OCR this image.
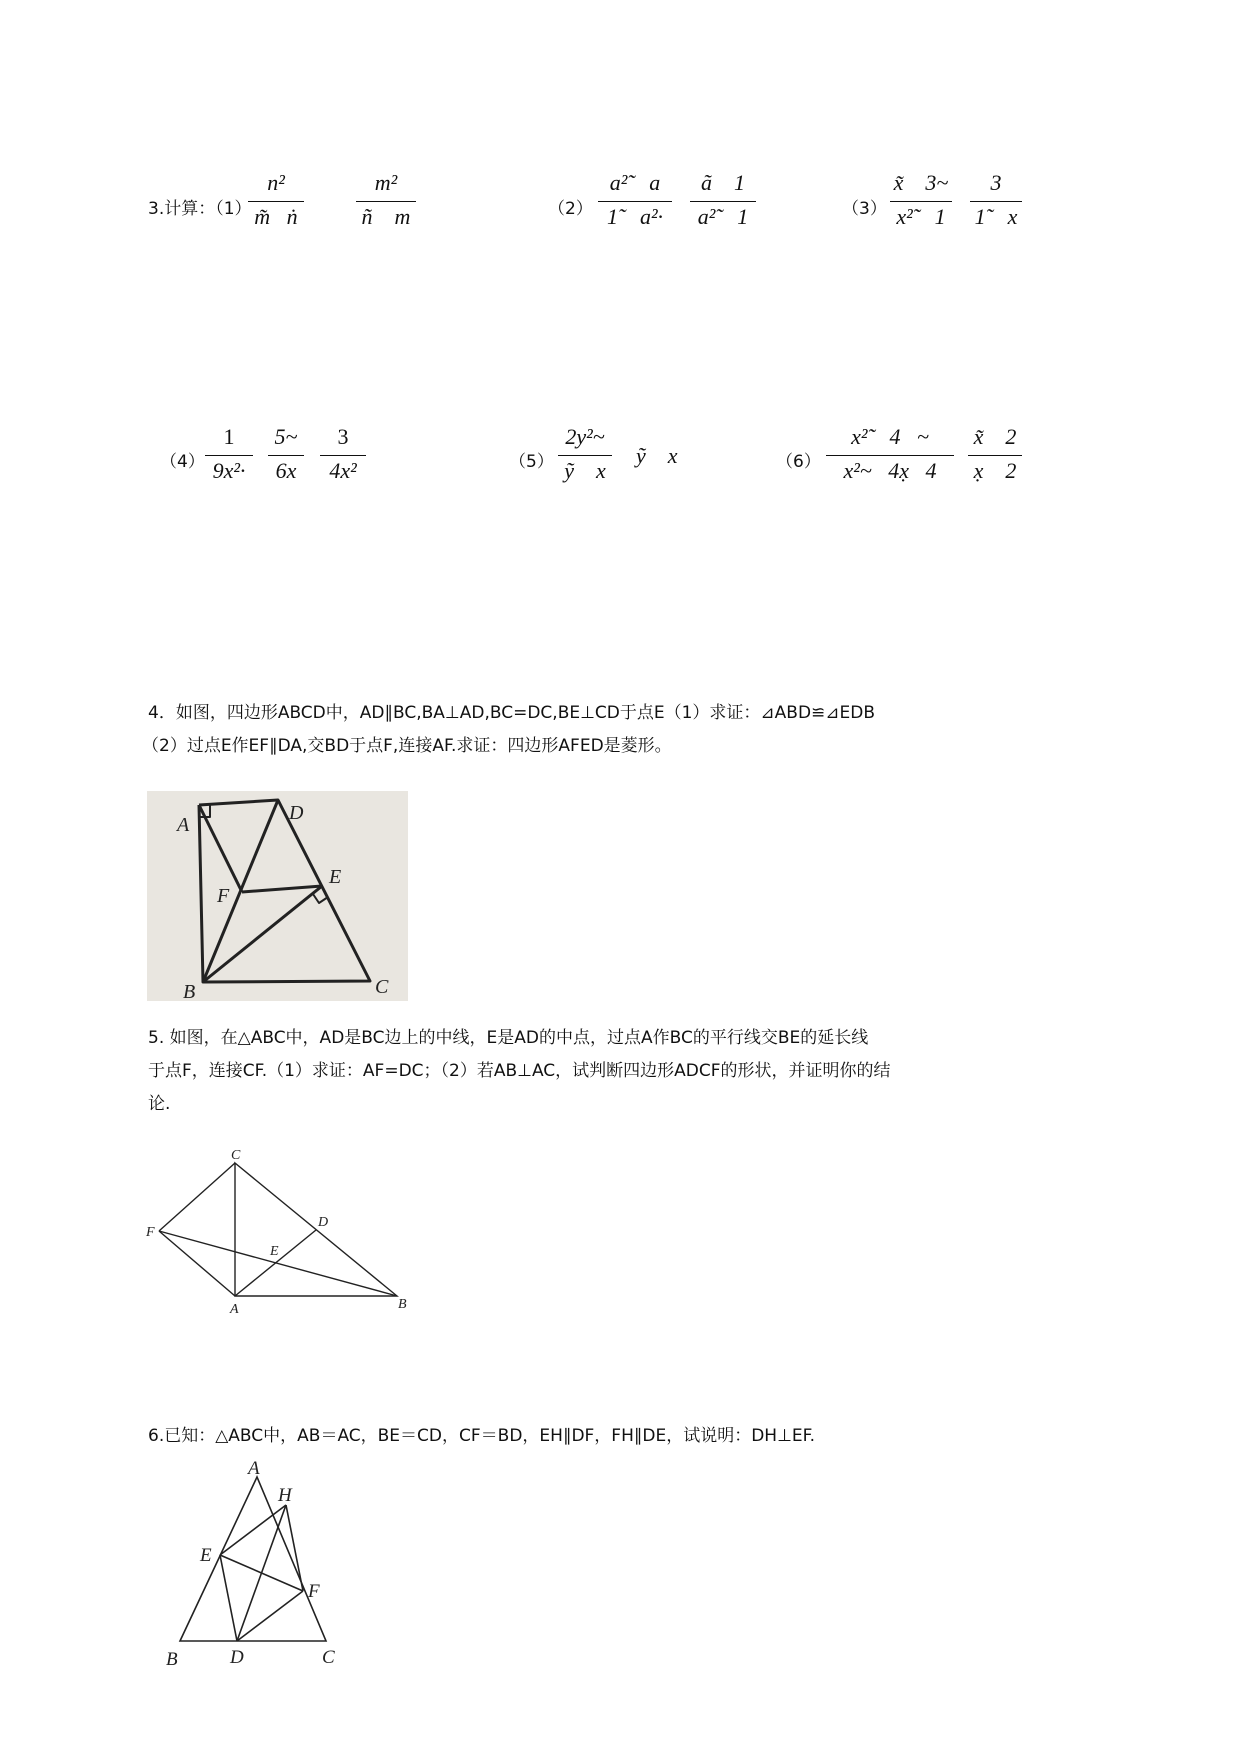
3.计算：（1）
n²
m̃   ṅ
m²
ñ    m	（2）
a²̃    a
1̃    a²·
ã    1
a²̃    1	（3）
x̃    3~
x²̃    1
3
1̃    x
（4）
1
9x²·
5~
6x
3
4x²	（5）
2y²~
ỹ    x
ỹ    x	（6）
x²̃    4   ~
x²~   4x̣   4
x̃    2
x̣    2
4．如图，四边形ABCD中，AD∥BC,BA⊥AD,BC=DC,BE⊥CD于点E（1）求证：⊿ABD≌⊿EDB
（2）过点E作EF∥DA,交BD于点F,连接AF.求证：四边形AFED是菱形。
A
D
E
F
B	C
5. 如图，在△ABC中，AD是BC边上的中线，E是AD的中点，过点A作BC的平行线交BE的延长线
于点F，连接CF.（1）求证：AF=DC；（2）若AB⊥AC，试判断四边形ADCF的形状，并证明你的结
论.
C
D
E
F
A	B
6.已知：△ABC中，AB＝AC，BE＝CD，CF＝BD，EH∥DF，FH∥DE，试说明：DH⊥EF.
A
H
E
F
B	D	C
